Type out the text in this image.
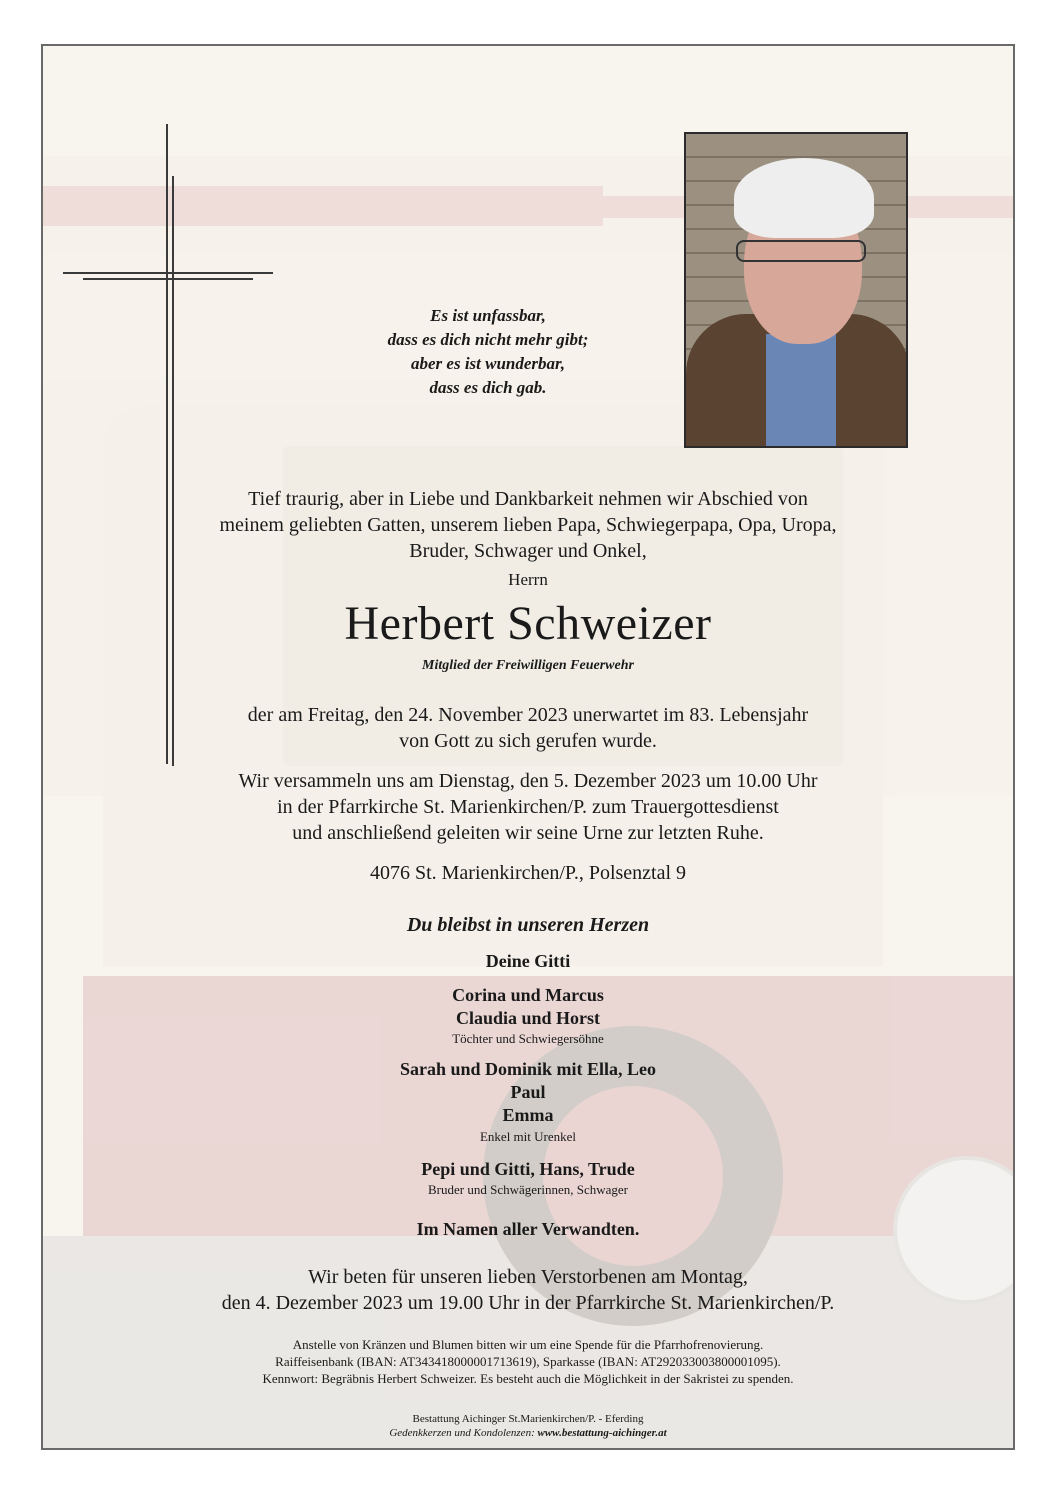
Es ist unfassbar,
dass es dich nicht mehr gibt;
aber es ist wunderbar,
dass es dich gab.
Tief traurig, aber in Liebe und Dankbarkeit nehmen wir Abschied von
meinem geliebten Gatten, unserem lieben Papa, Schwiegerpapa, Opa, Uropa,
Bruder, Schwager und Onkel,
Herrn
Herbert Schweizer
Mitglied der Freiwilligen Feuerwehr
der am Freitag, den 24. November 2023 unerwartet im 83. Lebensjahr
von Gott zu sich gerufen wurde.
Wir versammeln uns am Dienstag, den 5. Dezember 2023 um 10.00 Uhr
in der Pfarrkirche St. Marienkirchen/P. zum Trauergottesdienst
und anschließend geleiten wir seine Urne zur letzten Ruhe.
4076 St. Marienkirchen/P., Polsenztal 9
Du bleibst in unseren Herzen
Deine Gitti
Corina und Marcus
Claudia und Horst
Töchter und Schwiegersöhne
Sarah und Dominik mit Ella, Leo
Paul
Emma
Enkel mit Urenkel
Pepi und Gitti, Hans, Trude
Bruder und Schwägerinnen, Schwager
Im Namen aller Verwandten.
Wir beten für unseren lieben Verstorbenen am Montag,
den 4. Dezember 2023 um 19.00 Uhr in der Pfarrkirche St. Marienkirchen/P.
Anstelle von Kränzen und Blumen bitten wir um eine Spende für die Pfarrhofrenovierung.
Raiffeisenbank (IBAN: AT343418000001713619), Sparkasse (IBAN: AT292033003800001095).
Kennwort: Begräbnis Herbert Schweizer. Es besteht auch die Möglichkeit in der Sakristei zu spenden.
Bestattung Aichinger St.Marienkirchen/P. - Eferding
Gedenkkerzen und Kondolenzen: www.bestattung-aichinger.at
